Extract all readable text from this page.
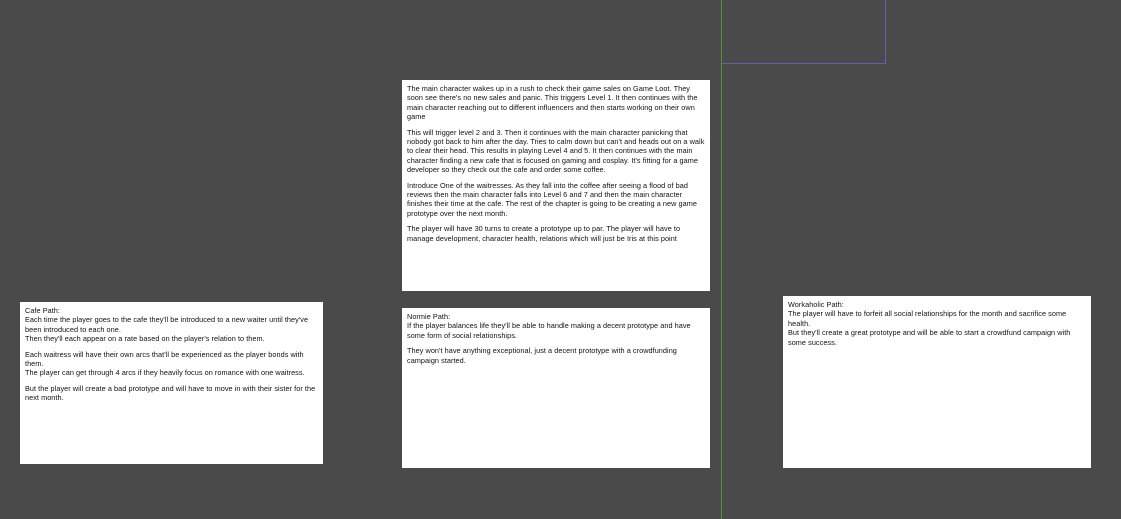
The main character wakes up in a rush to check their game sales on Game Loot. They soon see there's no new sales and panic. This triggers Level 1. It then continues with the main character reaching out to different influencers and then starts working on their own game

This will trigger level 2 and 3. Then it continues with the main character panicking that nobody got back to him after the day. Tries to calm down but can't and heads out on a walk to clear their head. This results in playing Level 4 and 5. It then continues with the main character finding a new cafe that is focused on gaming and cosplay. It's fitting for a game developer so they check out the cafe and order some coffee.

Introduce One of the waitresses. As they fall into the coffee after seeing a flood of bad reviews then the main character falls into Level 6 and 7 and then the main character finishes their time at the cafe. The rest of the chapter is going to be creating a new game prototype over the next month.

The player will have 30 turns to create a prototype up to par. The player will have to manage development, character health, relations which will just be Iris at this point

Cafe Path:
Each time the player goes to the cafe they'll be introduced to a new waiter until they've been introduced to each one.
Then they'll each appear on a rate based on the player's relation to them.

Each waitress will have their own arcs that'll be experienced as the player bonds with them.
The player can get through 4 arcs if they heavily focus on romance with one waitress.

But the player will create a bad prototype and will have to move in with their sister for the next month.

Normie Path:
If the player balances life they'll be able to handle making a decent prototype and have some form of social relationships.

They won't have anything exceptional, just a decent prototype with a crowdfunding campaign started.

Workaholic Path:
The player will have to forfeit all social relationships for the month and sacrifice some health.
But they'll create a great prototype and will be able to start a crowdfund campaign with some success.
